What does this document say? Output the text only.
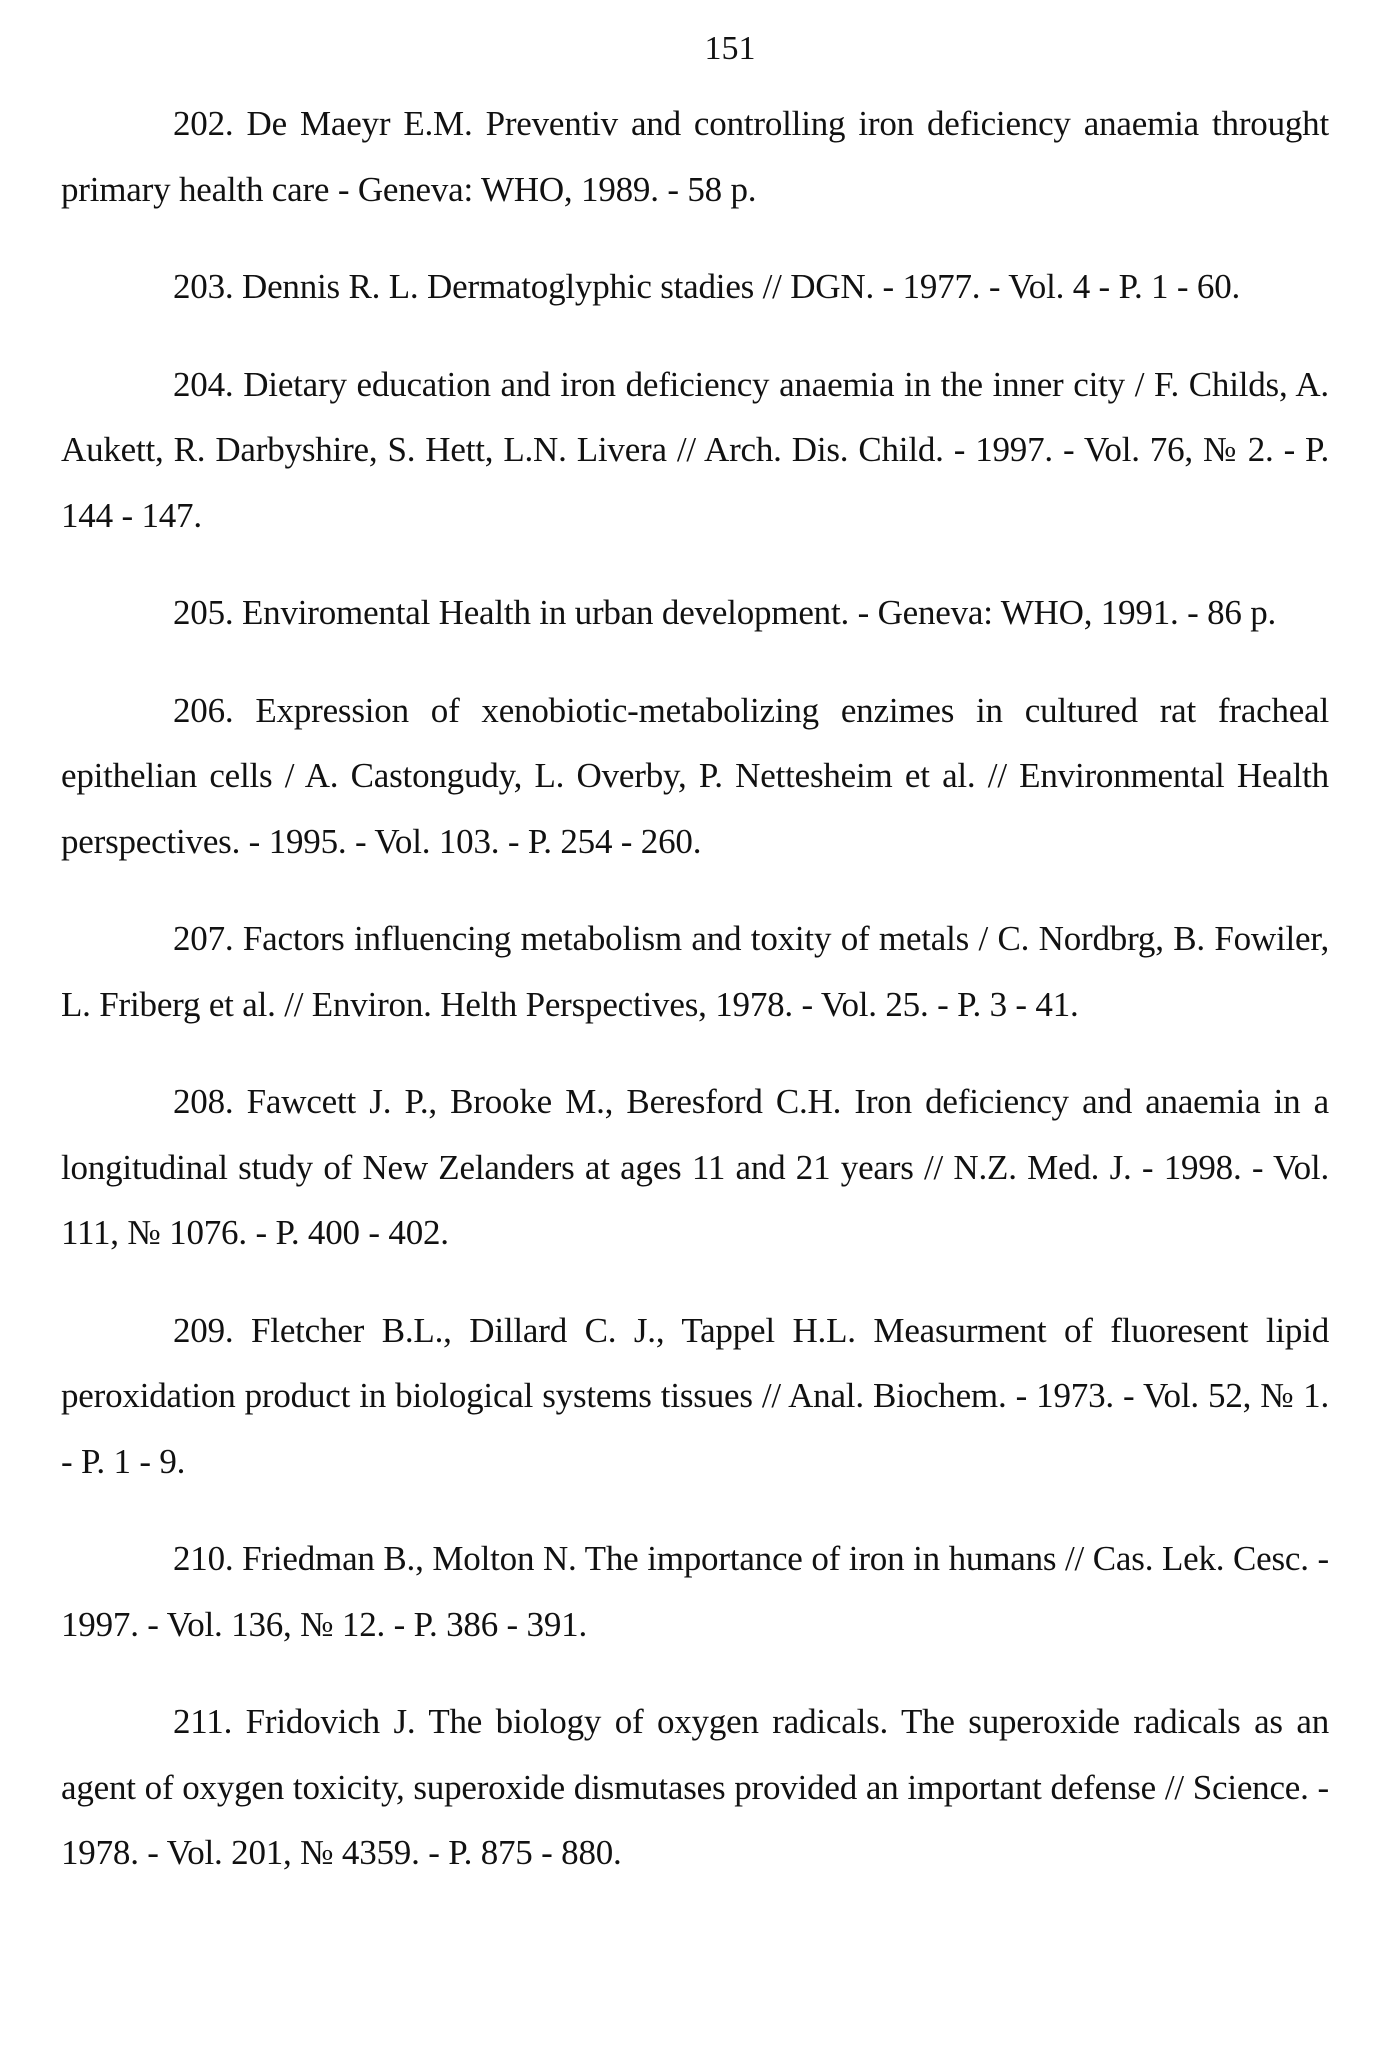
151

202. De Maeyr E.M. Preventiv and controlling iron deficiency anaemia throught primary health care - Geneva: WHO, 1989. - 58 p.

203. Dennis R. L. Dermatoglyphic stadies // DGN. - 1977. - Vol. 4 - P. 1 - 60.

204. Dietary education and iron deficiency anaemia in the inner city / F. Childs, A. Aukett, R. Darbyshire, S. Hett, L.N. Livera // Arch. Dis. Child. - 1997. - Vol. 76, № 2. - P. 144 - 147.

205. Enviromental Health in urban development. - Geneva: WHO, 1991. - 86 p.

206. Expression of xenobiotic-metabolizing enzimes in cultured rat fracheal epithelian cells / A. Castongudy, L. Overby, P. Nettesheim et al. // Environmental Health perspectives. - 1995. - Vol. 103. - P. 254 - 260.

207. Factors influencing metabolism and toxity of metals / C. Nordbrg, B. Fowiler, L. Friberg et al. // Environ. Helth Perspectives, 1978. - Vol. 25. - P. 3 - 41.

208. Fawcett J. P., Brooke M., Beresford C.H. Iron deficiency and anaemia in a longitudinal study of New Zelanders at ages 11 and 21 years // N.Z. Med. J. - 1998. - Vol. 111, № 1076. - P. 400 - 402.

209. Fletcher B.L., Dillard C. J., Tappel H.L. Measurment of fluoresent lipid peroxidation product in biological systems tissues // Anal. Biochem. - 1973. - Vol. 52, № 1. - P. 1 - 9.

210. Friedman B., Molton N. The importance of iron in humans // Cas. Lek. Cesc. - 1997. - Vol. 136, № 12. - P. 386 - 391.

211. Fridovich J. The biology of oxygen radicals. The superoxide radicals as an agent of oxygen toxicity, superoxide dismutases provided an important defense // Science. - 1978. - Vol. 201, № 4359. - P. 875 - 880.
